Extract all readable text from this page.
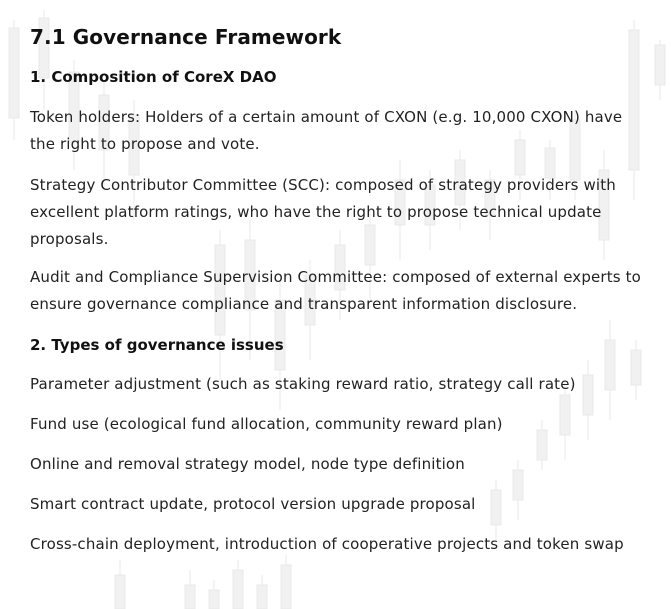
7.1 Governance Framework
1. Composition of CoreX DAO
Token holders: Holders of a certain amount of CXON (e.g. 10,000 CXON) have the right to propose and vote.
Strategy Contributor Committee (SCC): composed of strategy providers with excellent platform ratings, who have the right to propose technical update proposals.
Audit and Compliance Supervision Committee: composed of external experts to ensure governance compliance and transparent information disclosure.
2. Types of governance issues
Parameter adjustment (such as staking reward ratio, strategy call rate)
Fund use (ecological fund allocation, community reward plan)
Online and removal strategy model, node type definition
Smart contract update, protocol version upgrade proposal
Cross-chain deployment, introduction of cooperative projects and token swap
